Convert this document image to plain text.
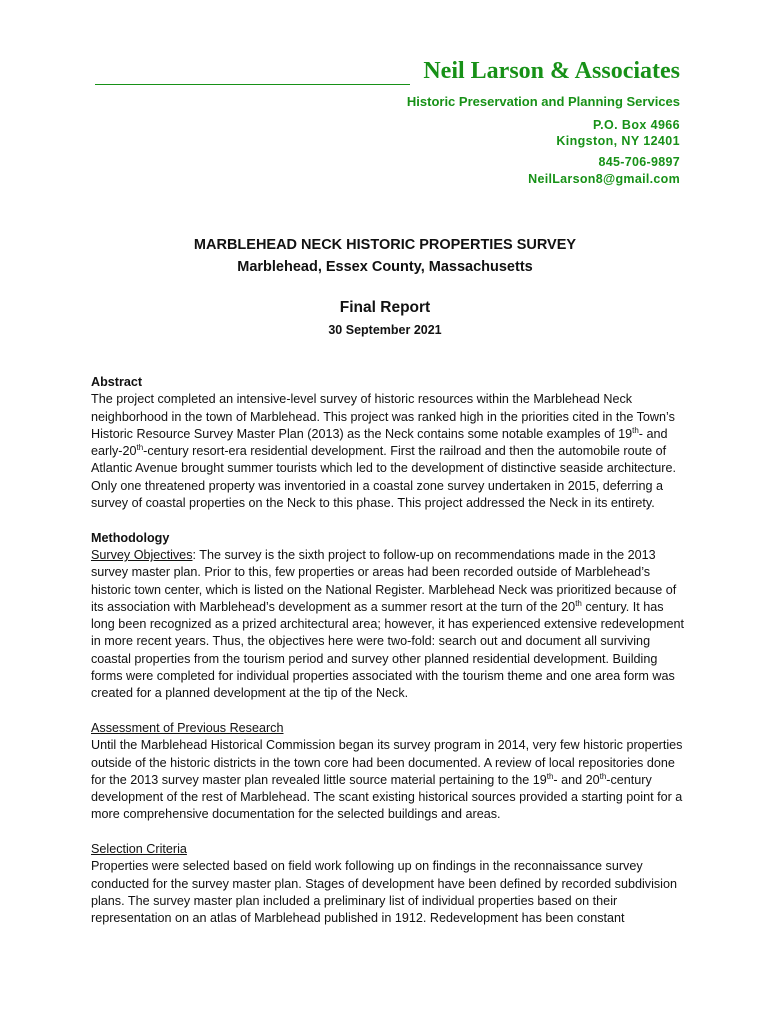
Neil Larson & Associates
Historic Preservation and Planning Services
P.O. Box 4966
Kingston, NY 12401
845-706-9897
NeilLarson8@gmail.com
MARBLEHEAD NECK HISTORIC PROPERTIES SURVEY
Marblehead, Essex County, Massachusetts
Final Report
30 September 2021

Abstract

The project completed an intensive-level survey of historic resources within the Marblehead Neck neighborhood in the town of Marblehead. This project was ranked high in the priorities cited in the Town’s Historic Resource Survey Master Plan (2013) as the Neck contains some notable examples of 19th- and early-20th-century resort-era residential development. First the railroad and then the automobile route of Atlantic Avenue brought summer tourists which led to the development of distinctive seaside architecture. Only one threatened property was inventoried in a coastal zone survey undertaken in 2015, deferring a survey of coastal properties on the Neck to this phase. This project addressed the Neck in its entirety.

Methodology

Survey Objectives: The survey is the sixth project to follow-up on recommendations made in the 2013 survey master plan. Prior to this, few properties or areas had been recorded outside of Marblehead’s historic town center, which is listed on the National Register. Marblehead Neck was prioritized because of its association with Marblehead’s development as a summer resort at the turn of the 20th century. It has long been recognized as a prized architectural area; however, it has experienced extensive redevelopment in more recent years. Thus, the objectives here were two-fold: search out and document all surviving coastal properties from the tourism period and survey other planned residential development. Building forms were completed for individual properties associated with the tourism theme and one area form was created for a planned development at the tip of the Neck.

Assessment of Previous Research

Until the Marblehead Historical Commission began its survey program in 2014, very few historic properties outside of the historic districts in the town core had been documented. A review of local repositories done for the 2013 survey master plan revealed little source material pertaining to the 19th- and 20th-century development of the rest of Marblehead. The scant existing historical sources provided a starting point for a more comprehensive documentation for the selected buildings and areas.

Selection Criteria

Properties were selected based on field work following up on findings in the reconnaissance survey conducted for the survey master plan. Stages of development have been defined by recorded subdivision plans. The survey master plan included a preliminary list of individual properties based on their representation on an atlas of Marblehead published in 1912. Redevelopment has been constant
